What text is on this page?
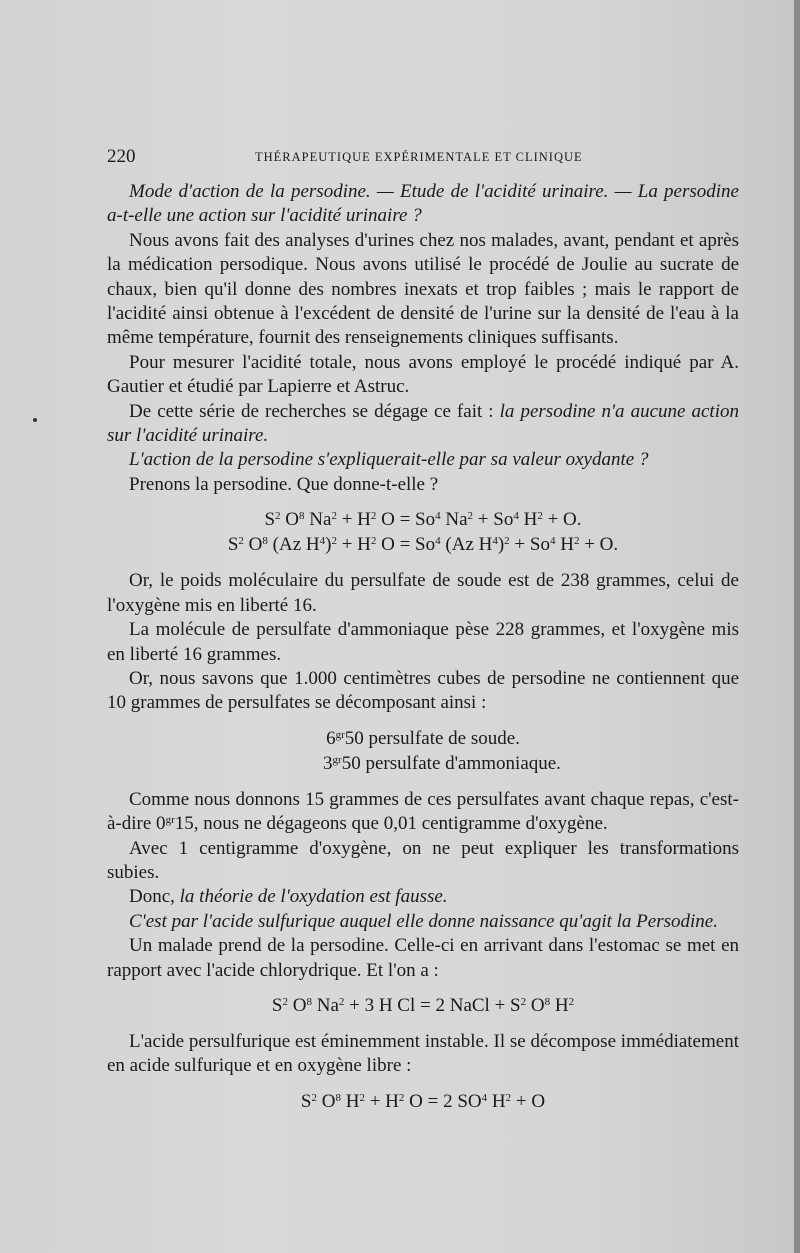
220	THÉRAPEUTIQUE EXPÉRIMENTALE ET CLINIQUE

Mode d'action de la persodine. — Etude de l'acidité urinaire. — La persodine a-t-elle une action sur l'acidité urinaire ?

Nous avons fait des analyses d'urines chez nos malades, avant, pendant et après la médication persodique. Nous avons utilisé le procédé de Joulie au sucrate de chaux, bien qu'il donne des nombres inexats et trop faibles ; mais le rapport de l'acidité ainsi obtenue à l'excédent de densité de l'urine sur la densité de l'eau à la même température, fournit des renseignements cliniques suffisants.

Pour mesurer l'acidité totale, nous avons employé le procédé indiqué par A. Gautier et étudié par Lapierre et Astruc.

De cette série de recherches se dégage ce fait : la persodine n'a aucune action sur l'acidité urinaire.

L'action de la persodine s'expliquerait-elle par sa valeur oxydante ?

Prenons la persodine. Que donne-t-elle ?

$S^2$ $O^8$ $Na^2 + H^2$ $O = So^4$ $Na^2 + So^4$ $H^2 + O$.
$S^2$ $O^8$ (Az $H^4)^2 + H^2$ $O = So^4$ (Az $H^4)^2 + So^4$ $H^2 + O$.

Or, le poids moléculaire du persulfate de soude est de 238 grammes, celui de l'oxygène mis en liberté 16.

La molécule de persulfate d'ammoniaque pèse 228 grammes, et l'oxygène mis en liberté 16 grammes.

Or, nous savons que 1.000 centimètres cubes de persodine ne contiennent que 10 grammes de persulfates se décomposant ainsi :

$6^{gr}50$ persulfate de soude.
$3^{gr}50$ persulfate d'ammoniaque.

Comme nous donnons 15 grammes de ces persulfates avant chaque repas, c'est-à-dire $0^{gr}15$, nous ne dégageons que 0,01 centigramme d'oxygène.

Avec 1 centigramme d'oxygène, on ne peut expliquer les transformations subies.

Donc, la théorie de l'oxydation est fausse.

C'est par l'acide sulfurique auquel elle donne naissance qu'agit la Persodine.

Un malade prend de la persodine. Celle-ci en arrivant dans l'estomac se met en rapport avec l'acide chlorydrique. Et l'on a :

$S^2$ $O^8$ $Na^2 + 3$ H Cl = 2 NaCl + $S^2$ $O^8$ $H^2$

L'acide persulfurique est éminemment instable. Il se décompose immédiatement en acide sulfurique et en oxygène libre :

$S^2$ $O^8$ $H^2 + H^2$ O = 2 $SO^4$ $H^2 + O$
